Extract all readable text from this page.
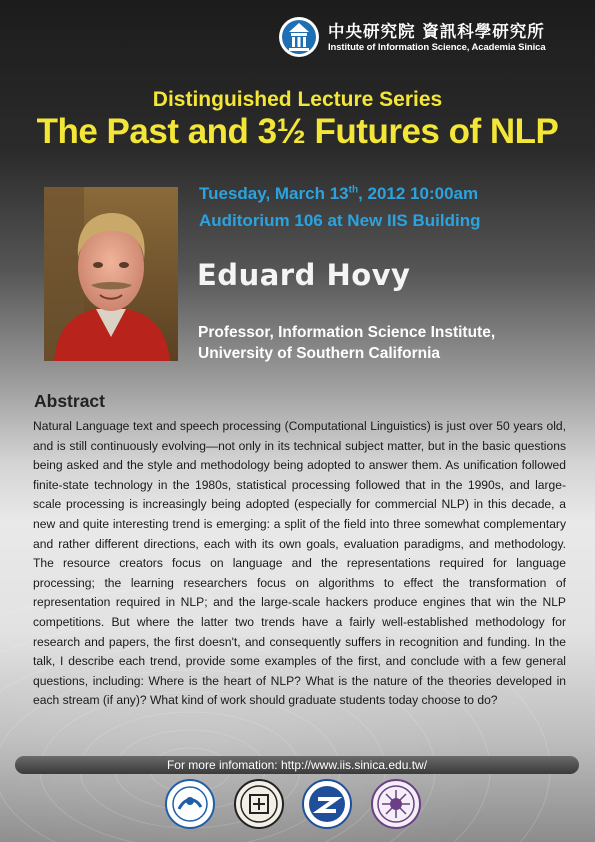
中央研究院 資訊科學研究所
Institute of Information Science, Academia Sinica
Distinguished Lecture Series
The Past and 3½ Futures of NLP
Tuesday, March 13th, 2012 10:00am
Auditorium 106 at New IIS Building
Eduard Hovy
Professor, Information Science Institute,
University of Southern California
Abstract
Natural Language text and speech processing (Computational Linguistics) is just over 50 years old, and is still continuously evolving—not only in its technical subject matter, but in the basic questions being asked and the style and methodology being adopted to answer them. As unification followed finite-state technology in the 1980s, statistical processing followed that in the 1990s, and large-scale processing is increasingly being adopted (especially for commercial NLP) in this decade, a new and quite interesting trend is emerging: a split of the field into three somewhat complementary and rather different directions, each with its own goals, evaluation paradigms, and methodology. The resource creators focus on language and the representations required for language processing; the learning researchers focus on algorithms to effect the transformation of representation required in NLP; and the large-scale hackers produce engines that win the NLP competitions. But where the latter two trends have a fairly well-established methodology for research and papers, the first doesn't, and consequently suffers in recognition and funding. In the talk, I describe each trend, provide some examples of the first, and conclude with a few general questions, including: Where is the heart of NLP? What is the nature of the theories developed in each stream (if any)? What kind of work should graduate students today choose to do?
For more infomation: http://www.iis.sinica.edu.tw/
